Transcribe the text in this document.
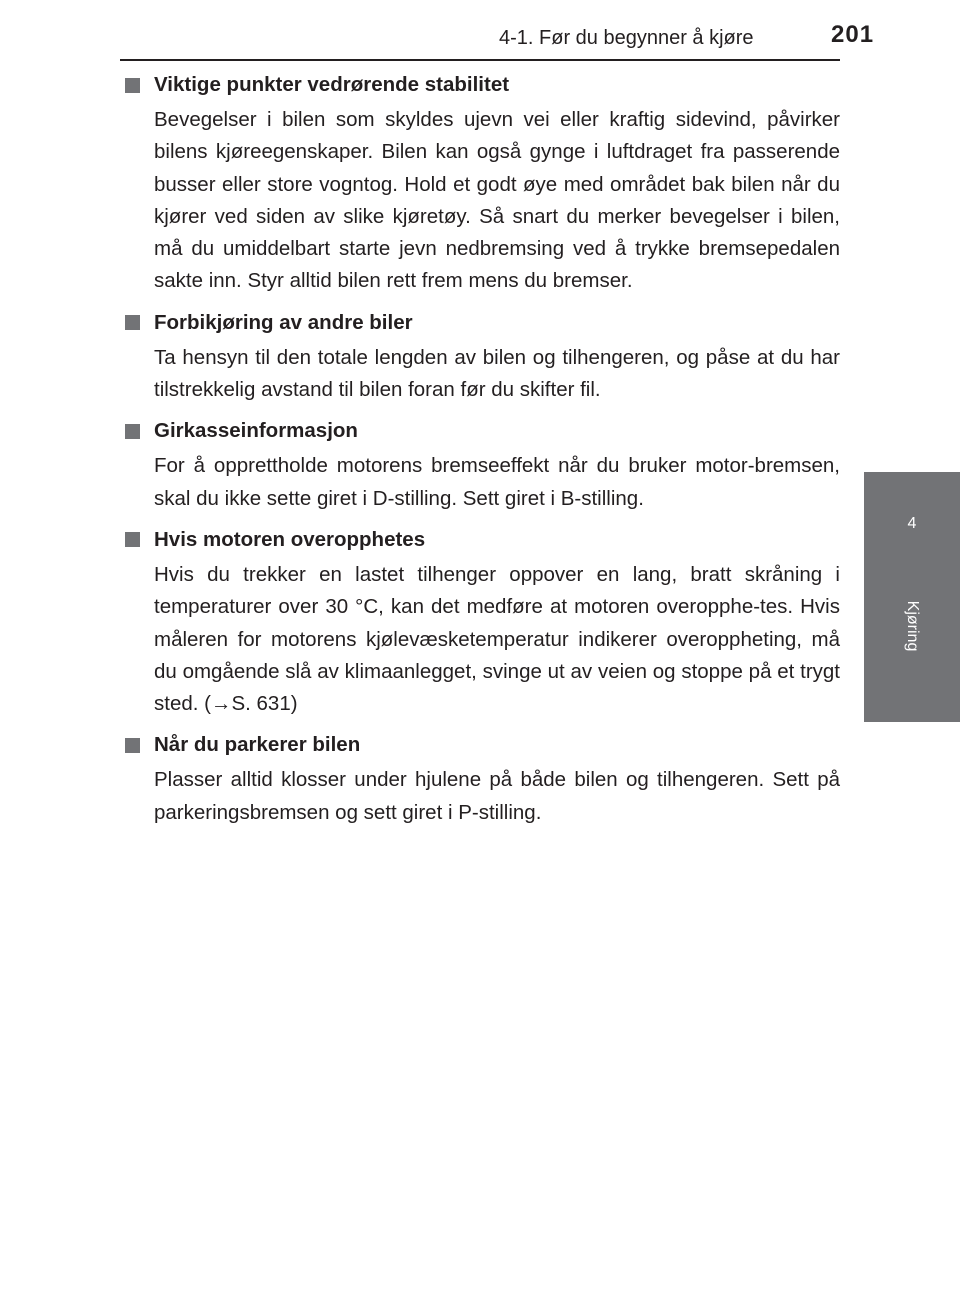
4-1. Før du begynner å kjøre	201
4
Kjøring
Viktige punkter vedrørende stabilitet

Bevegelser i bilen som skyldes ujevn vei eller kraftig sidevind, påvirker bilens kjøreegenskaper. Bilen kan også gynge i luftdraget fra passerende busser eller store vogntog. Hold et godt øye med området bak bilen når du kjører ved siden av slike kjøretøy. Så snart du merker bevegelser i bilen, må du umiddelbart starte jevn nedbremsing ved å trykke bremsepedalen sakte inn. Styr alltid bilen rett frem mens du bremser.

Forbikjøring av andre biler

Ta hensyn til den totale lengden av bilen og tilhengeren, og påse at du har tilstrekkelig avstand til bilen foran før du skifter fil.

Girkasseinformasjon

For å opprettholde motorens bremseeffekt når du bruker motor-bremsen, skal du ikke sette giret i D-stilling. Sett giret i B-stilling.

Hvis motoren overopphetes

Hvis du trekker en lastet tilhenger oppover en lang, bratt skråning i temperaturer over 30 °C, kan det medføre at motoren overopphe-tes. Hvis måleren for motorens kjølevæsketemperatur indikerer overoppheting, må du omgående slå av klimaanlegget, svinge ut av veien og stoppe på et trygt sted. (→S. 631)

Når du parkerer bilen

Plasser alltid klosser under hjulene på både bilen og tilhengeren. Sett på parkeringsbremsen og sett giret i P-stilling.
